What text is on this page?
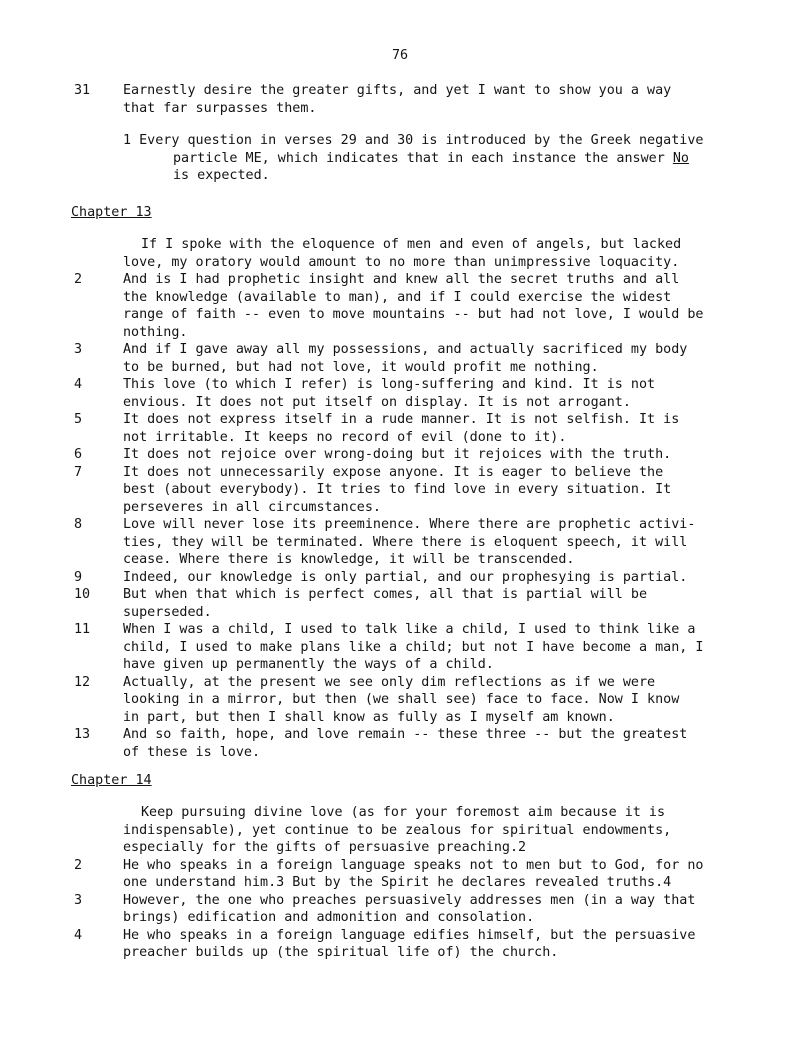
76
31 Earnestly desire the greater gifts, and yet I want to show you a way
that far surpasses them.
1 Every question in verses 29 and 30 is introduced by the Greek negative
particle ME, which indicates that in each instance the answer No
is expected.
Chapter 13
If I spoke with the eloquence of men and even of angels, but lacked
love, my oratory would amount to no more than unimpressive loquacity.
2	And is I had prophetic insight and knew all the secret truths and all
the knowledge (available to man), and if I could exercise the widest
range of faith -- even to move mountains -- but had not love, I would be
nothing.
3	And if I gave away all my possessions, and actually sacrificed my body
to be burned, but had not love, it would profit me nothing.
4	This love (to which I refer) is long-suffering and kind. It is not
envious. It does not put itself on display. It is not arrogant.
5	It does not express itself in a rude manner. It is not selfish. It is
not irritable. It keeps no record of evil (done to it).
6	It does not rejoice over wrong-doing but it rejoices with the truth.
7	It does not unnecessarily expose anyone. It is eager to believe the
best (about everybody). It tries to find love in every situation. It
perseveres in all circumstances.
8	Love will never lose its preeminence. Where there are prophetic activi-
ties, they will be terminated. Where there is eloquent speech, it will
cease. Where there is knowledge, it will be transcended.
9	Indeed, our knowledge is only partial, and our prophesying is partial.
10 But when that which is perfect comes, all that is partial will be
superseded.
11 When I was a child, I used to talk like a child, I used to think like a
child, I used to make plans like a child; but not I have become a man, I
have given up permanently the ways of a child.
12 Actually, at the present we see only dim reflections as if we were
looking in a mirror, but then (we shall see) face to face. Now I know
in part, but then I shall know as fully as I myself am known.
13 And so faith, hope, and love remain -- these three -- but the greatest
of these is love.
Chapter 14
Keep pursuing divine love (as for your foremost aim because it is
indispensable), yet continue to be zealous for spiritual endowments,
especially for the gifts of persuasive preaching.2
2	He who speaks in a foreign language speaks not to men but to God, for no
one understand him.3 But by the Spirit he declares revealed truths.4
3	However, the one who preaches persuasively addresses men (in a way that
brings) edification and admonition and consolation.
4	He who speaks in a foreign language edifies himself, but the persuasive
preacher builds up (the spiritual life of) the church.
